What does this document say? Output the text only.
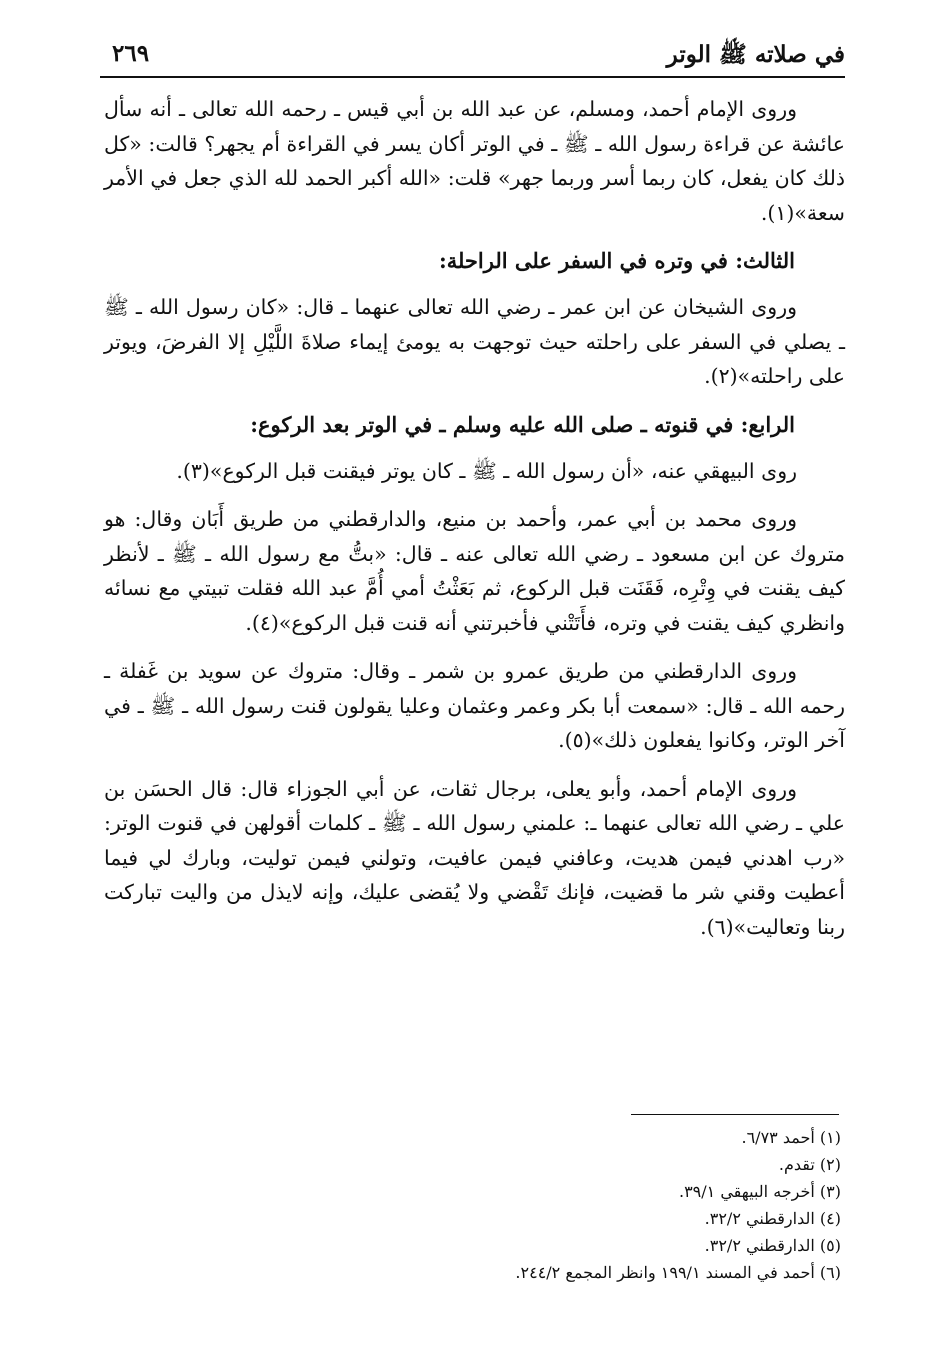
في صلاته ﷺ الوتر
٢٦٩

وروى الإمام أحمد، ومسلم، عن عبد الله بن أبي قيس ـ رحمه الله تعالى ـ أنه سأل عائشة عن قراءة رسول الله ـ ﷺ ـ في الوتر أكان يسر في القراءة أم يجهر؟ قالت: «كل ذلك كان يفعل، كان ربما أسر وربما جهر» قلت: «الله أكبر الحمد لله الذي جعل في الأمر سعة»(١).

الثالث: في وتره في السفر على الراحلة:

وروى الشيخان عن ابن عمر ـ رضي الله تعالى عنهما ـ قال: «كان رسول الله ـ ﷺ ـ يصلي في السفر على راحلته حيث توجهت به يومئ إيماء صلاةَ اللَّيْلِ إلا الفرضَ، ويوتر على راحلته»(٢).

الرابع: في قنوته ـ صلى الله عليه وسلم ـ في الوتر بعد الركوع:

روى البيهقي عنه، «أن رسول الله ـ ﷺ ـ كان يوتر فيقنت قبل الركوع»(٣).

وروى محمد بن أبي عمر، وأحمد بن منيع، والدارقطني من طريق أَبَان وقال: هو متروك عن ابن مسعود ـ رضي الله تعالى عنه ـ قال: «بتُّ مع رسول الله ـ ﷺ ـ لأنظر كيف يقنت في وِتْرِه، فَقَنَت قبل الركوع، ثم بَعَثْتُ أمي أُمَّ عبد الله فقلت تبيتي مع نسائه وانظري كيف يقنت في وتره، فأَتَتْني فأخبرتني أنه قنت قبل الركوع»(٤).

وروى الدارقطني من طريق عمرو بن شمر ـ وقال: متروك عن سويد بن غَفلة ـ رحمه الله ـ قال: «سمعت أبا بكر وعمر وعثمان وعليا يقولون قنت رسول الله ـ ﷺ ـ في آخر الوتر، وكانوا يفعلون ذلك»(٥).

وروى الإمام أحمد، وأبو يعلى، برجال ثقات، عن أبي الجوزاء قال: قال الحسَن بن علي ـ رضي الله تعالى عنهما ـ: علمني رسول الله ـ ﷺ ـ كلمات أقولهن في قنوت الوتر: «رب اهدني فيمن هديت، وعافني فيمن عافيت، وتولني فيمن توليت، وبارك لي فيما أعطيت وقني شر ما قضيت، فإنك تَقْضي ولا يُقضى عليك، وإنه لايذل من واليت تباركت ربنا وتعاليت»(٦).

(١) أحمد ٦/٧٣.

(٢) تقدم.

(٣) أخرجه البيهقي ٣٩/١.

(٤) الدارقطني ٣٢/٢.

(٥) الدارقطني ٣٢/٢.

(٦) أحمد في المسند ١٩٩/١ وانظر المجمع ٢٤٤/٢.
